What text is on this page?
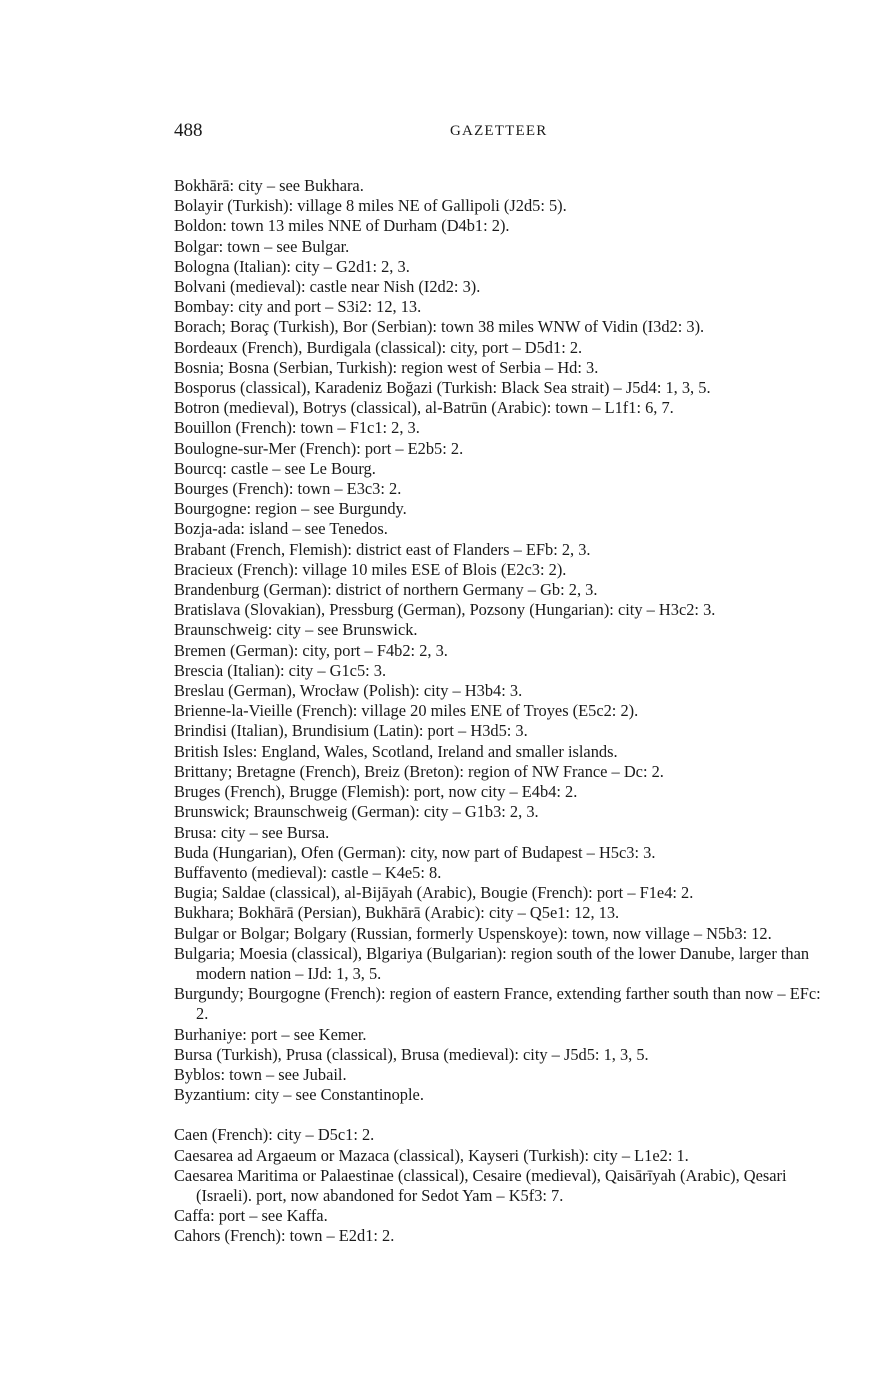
488	GAZETTEER
Bokhārā: city – see Bukhara.
Bolayir (Turkish): village 8 miles NE of Gallipoli (J2d5: 5).
Boldon: town 13 miles NNE of Durham (D4b1: 2).
Bolgar: town – see Bulgar.
Bologna (Italian): city – G2d1: 2, 3.
Bolvani (medieval): castle near Nish (I2d2: 3).
Bombay: city and port – S3i2: 12, 13.
Borach; Boraç (Turkish), Bor (Serbian): town 38 miles WNW of Vidin (I3d2: 3).
Bordeaux (French), Burdigala (classical): city, port – D5d1: 2.
Bosnia; Bosna (Serbian, Turkish): region west of Serbia – Hd: 3.
Bosporus (classical), Karadeniz Boğazi (Turkish: Black Sea strait) – J5d4: 1, 3, 5.
Botron (medieval), Botrys (classical), al-Batrūn (Arabic): town – L1f1: 6, 7.
Bouillon (French): town – F1c1: 2, 3.
Boulogne-sur-Mer (French): port – E2b5: 2.
Bourcq: castle – see Le Bourg.
Bourges (French): town – E3c3: 2.
Bourgogne: region – see Burgundy.
Bozja-ada: island – see Tenedos.
Brabant (French, Flemish): district east of Flanders – EFb: 2, 3.
Bracieux (French): village 10 miles ESE of Blois (E2c3: 2).
Brandenburg (German): district of northern Germany – Gb: 2, 3.
Bratislava (Slovakian), Pressburg (German), Pozsony (Hungarian): city – H3c2: 3.
Braunschweig: city – see Brunswick.
Bremen (German): city, port – F4b2: 2, 3.
Brescia (Italian): city – G1c5: 3.
Breslau (German), Wrocław (Polish): city – H3b4: 3.
Brienne-la-Vieille (French): village 20 miles ENE of Troyes (E5c2: 2).
Brindisi (Italian), Brundisium (Latin): port – H3d5: 3.
British Isles: England, Wales, Scotland, Ireland and smaller islands.
Brittany; Bretagne (French), Breiz (Breton): region of NW France – Dc: 2.
Bruges (French), Brugge (Flemish): port, now city – E4b4: 2.
Brunswick; Braunschweig (German): city – G1b3: 2, 3.
Brusa: city – see Bursa.
Buda (Hungarian), Ofen (German): city, now part of Budapest – H5c3: 3.
Buffavento (medieval): castle – K4e5: 8.
Bugia; Saldae (classical), al-Bijāyah (Arabic), Bougie (French): port – F1e4: 2.
Bukhara; Bokhārā (Persian), Bukhārā (Arabic): city – Q5e1: 12, 13.
Bulgar or Bolgar; Bolgary (Russian, formerly Uspenskoye): town, now village – N5b3: 12.
Bulgaria; Moesia (classical), Blgariya (Bulgarian): region south of the lower Danube, larger than modern nation – IJd: 1, 3, 5.
Burgundy; Bourgogne (French): region of eastern France, extending farther south than now – EFc: 2.
Burhaniye: port – see Kemer.
Bursa (Turkish), Prusa (classical), Brusa (medieval): city – J5d5: 1, 3, 5.
Byblos: town – see Jubail.
Byzantium: city – see Constantinople.
Caen (French): city – D5c1: 2.
Caesarea ad Argaeum or Mazaca (classical), Kayseri (Turkish): city – L1e2: 1.
Caesarea Maritima or Palaestinae (classical), Cesaire (medieval), Qaisārīyah (Arabic), Qesari (Israeli). port, now abandoned for Sedot Yam – K5f3: 7.
Caffa: port – see Kaffa.
Cahors (French): town – E2d1: 2.
